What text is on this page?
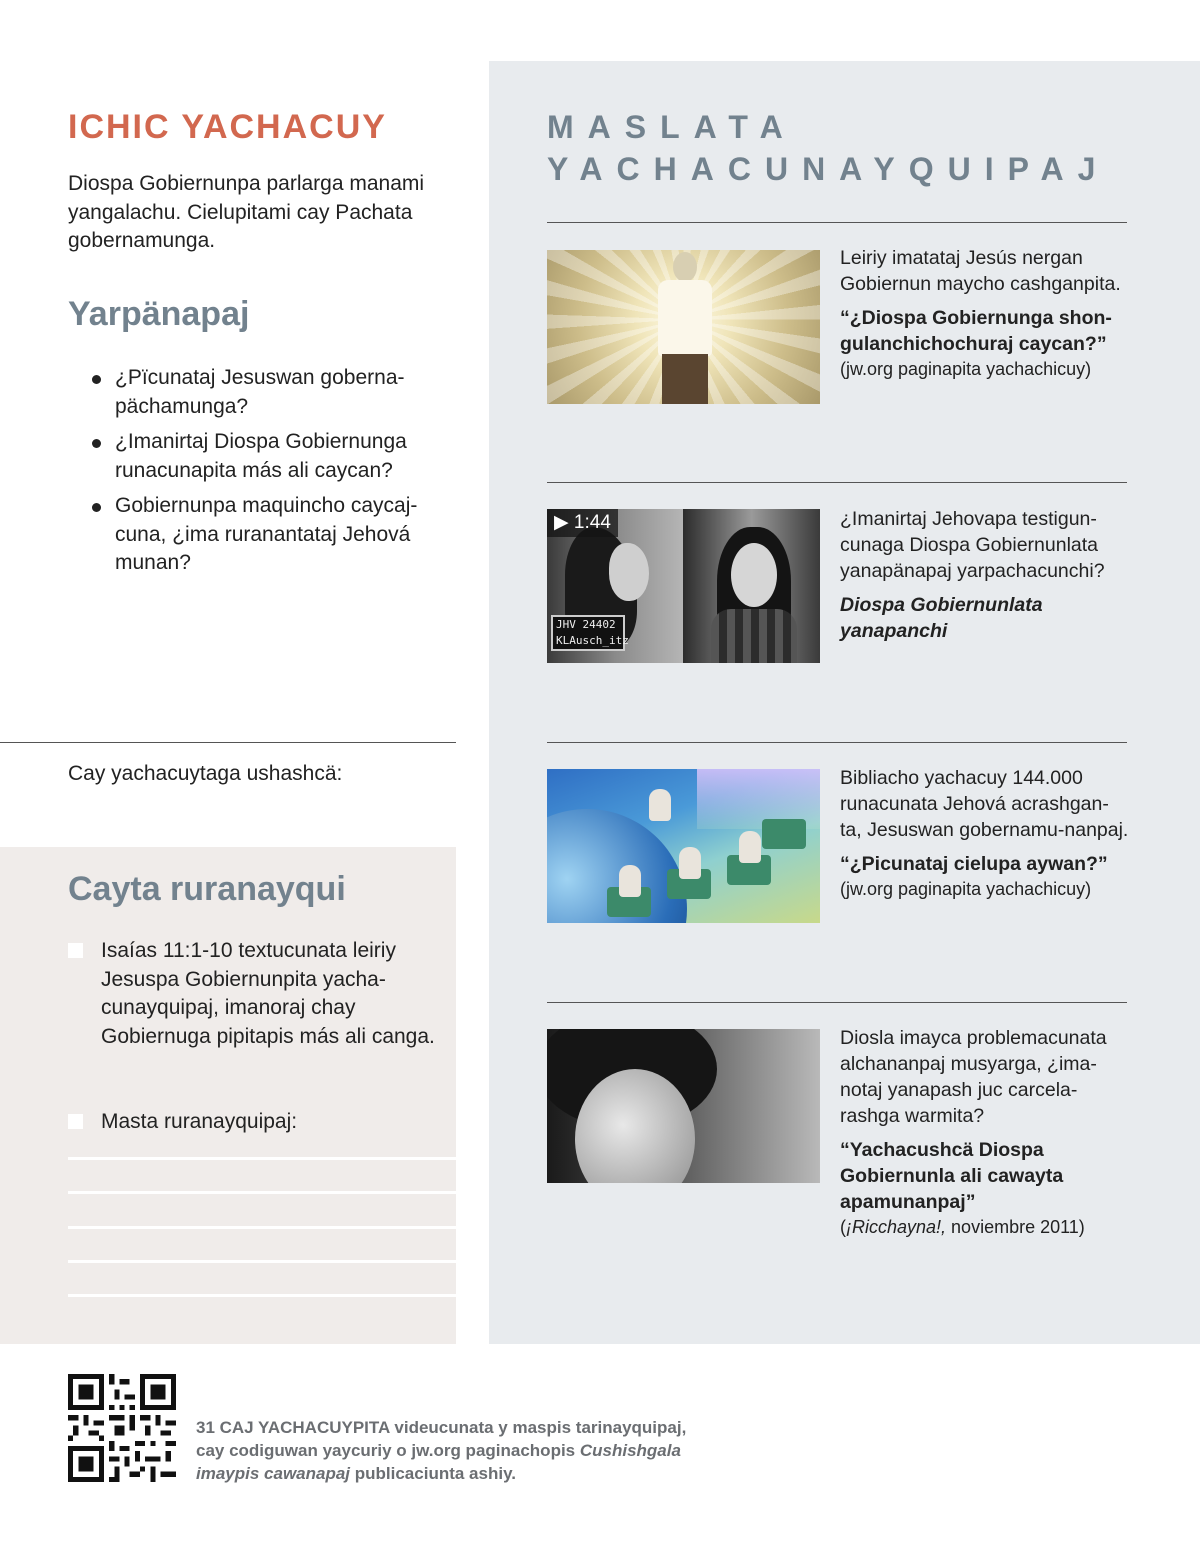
ICHIC YACHACUY

Diospa Gobiernunpa parlarga manami yangalachu. Cielupitami cay Pachata gobernamunga.

Yarpänapaj
¿Pïcunataj Jesuswan goberna-pächamunga?
¿Imanirtaj Diospa Gobiernunga runacunapita más ali caycan?
Gobiernunpa maquincho caycaj-cuna, ¿ima ruranantataj Jehová munan?
Cay yachacuytaga ushashcä:
Cayta ruranayqui
Isaías 11:1-10 textucunata leiriy Jesuspa Gobiernunpita yacha-cunayquipaj, imanoraj chay Gobiernuga pipitapis más ali canga.
Masta ruranayquipaj:
MASLATA
YACHACUNAYQUIPAJ
Leiriy imatataj Jesús nergan Gobiernun maycho cashganpita.
“¿Diospa Gobiernunga shon-gulanchichochuraj caycan?”
(jw.org paginapita yachachicuy)
JHV 24402
KLAusch_itz
▶ 1:44	¿Imanirtaj Jehovapa testigun-cunaga Diospa Gobiernunlata yanapänapaj yarpachacunchi?
Diospa Gobiernunlata yanapanchi
Bibliacho yachacuy 144.000 runacunata Jehová acrashgan-ta, Jesuswan gobernamu-nanpaj.
“¿Picunataj cielupa aywan?”
(jw.org paginapita yachachicuy)
Diosla imayca problemacunata alchananpaj musyarga, ¿ima-notaj yanapash juc carcela-rashga warmita?
“Yachacushcä Diospa Gobiernunla ali cawayta apamunanpaj”
(¡Ricchayna!, noviembre 2011)
31 CAJ YACHACUYPITA videucunata y maspis tarinayquipaj, cay codiguwan yaycuriy o jw.org paginachopis Cushishgala imaypis cawanapaj publicaciunta ashiy.
